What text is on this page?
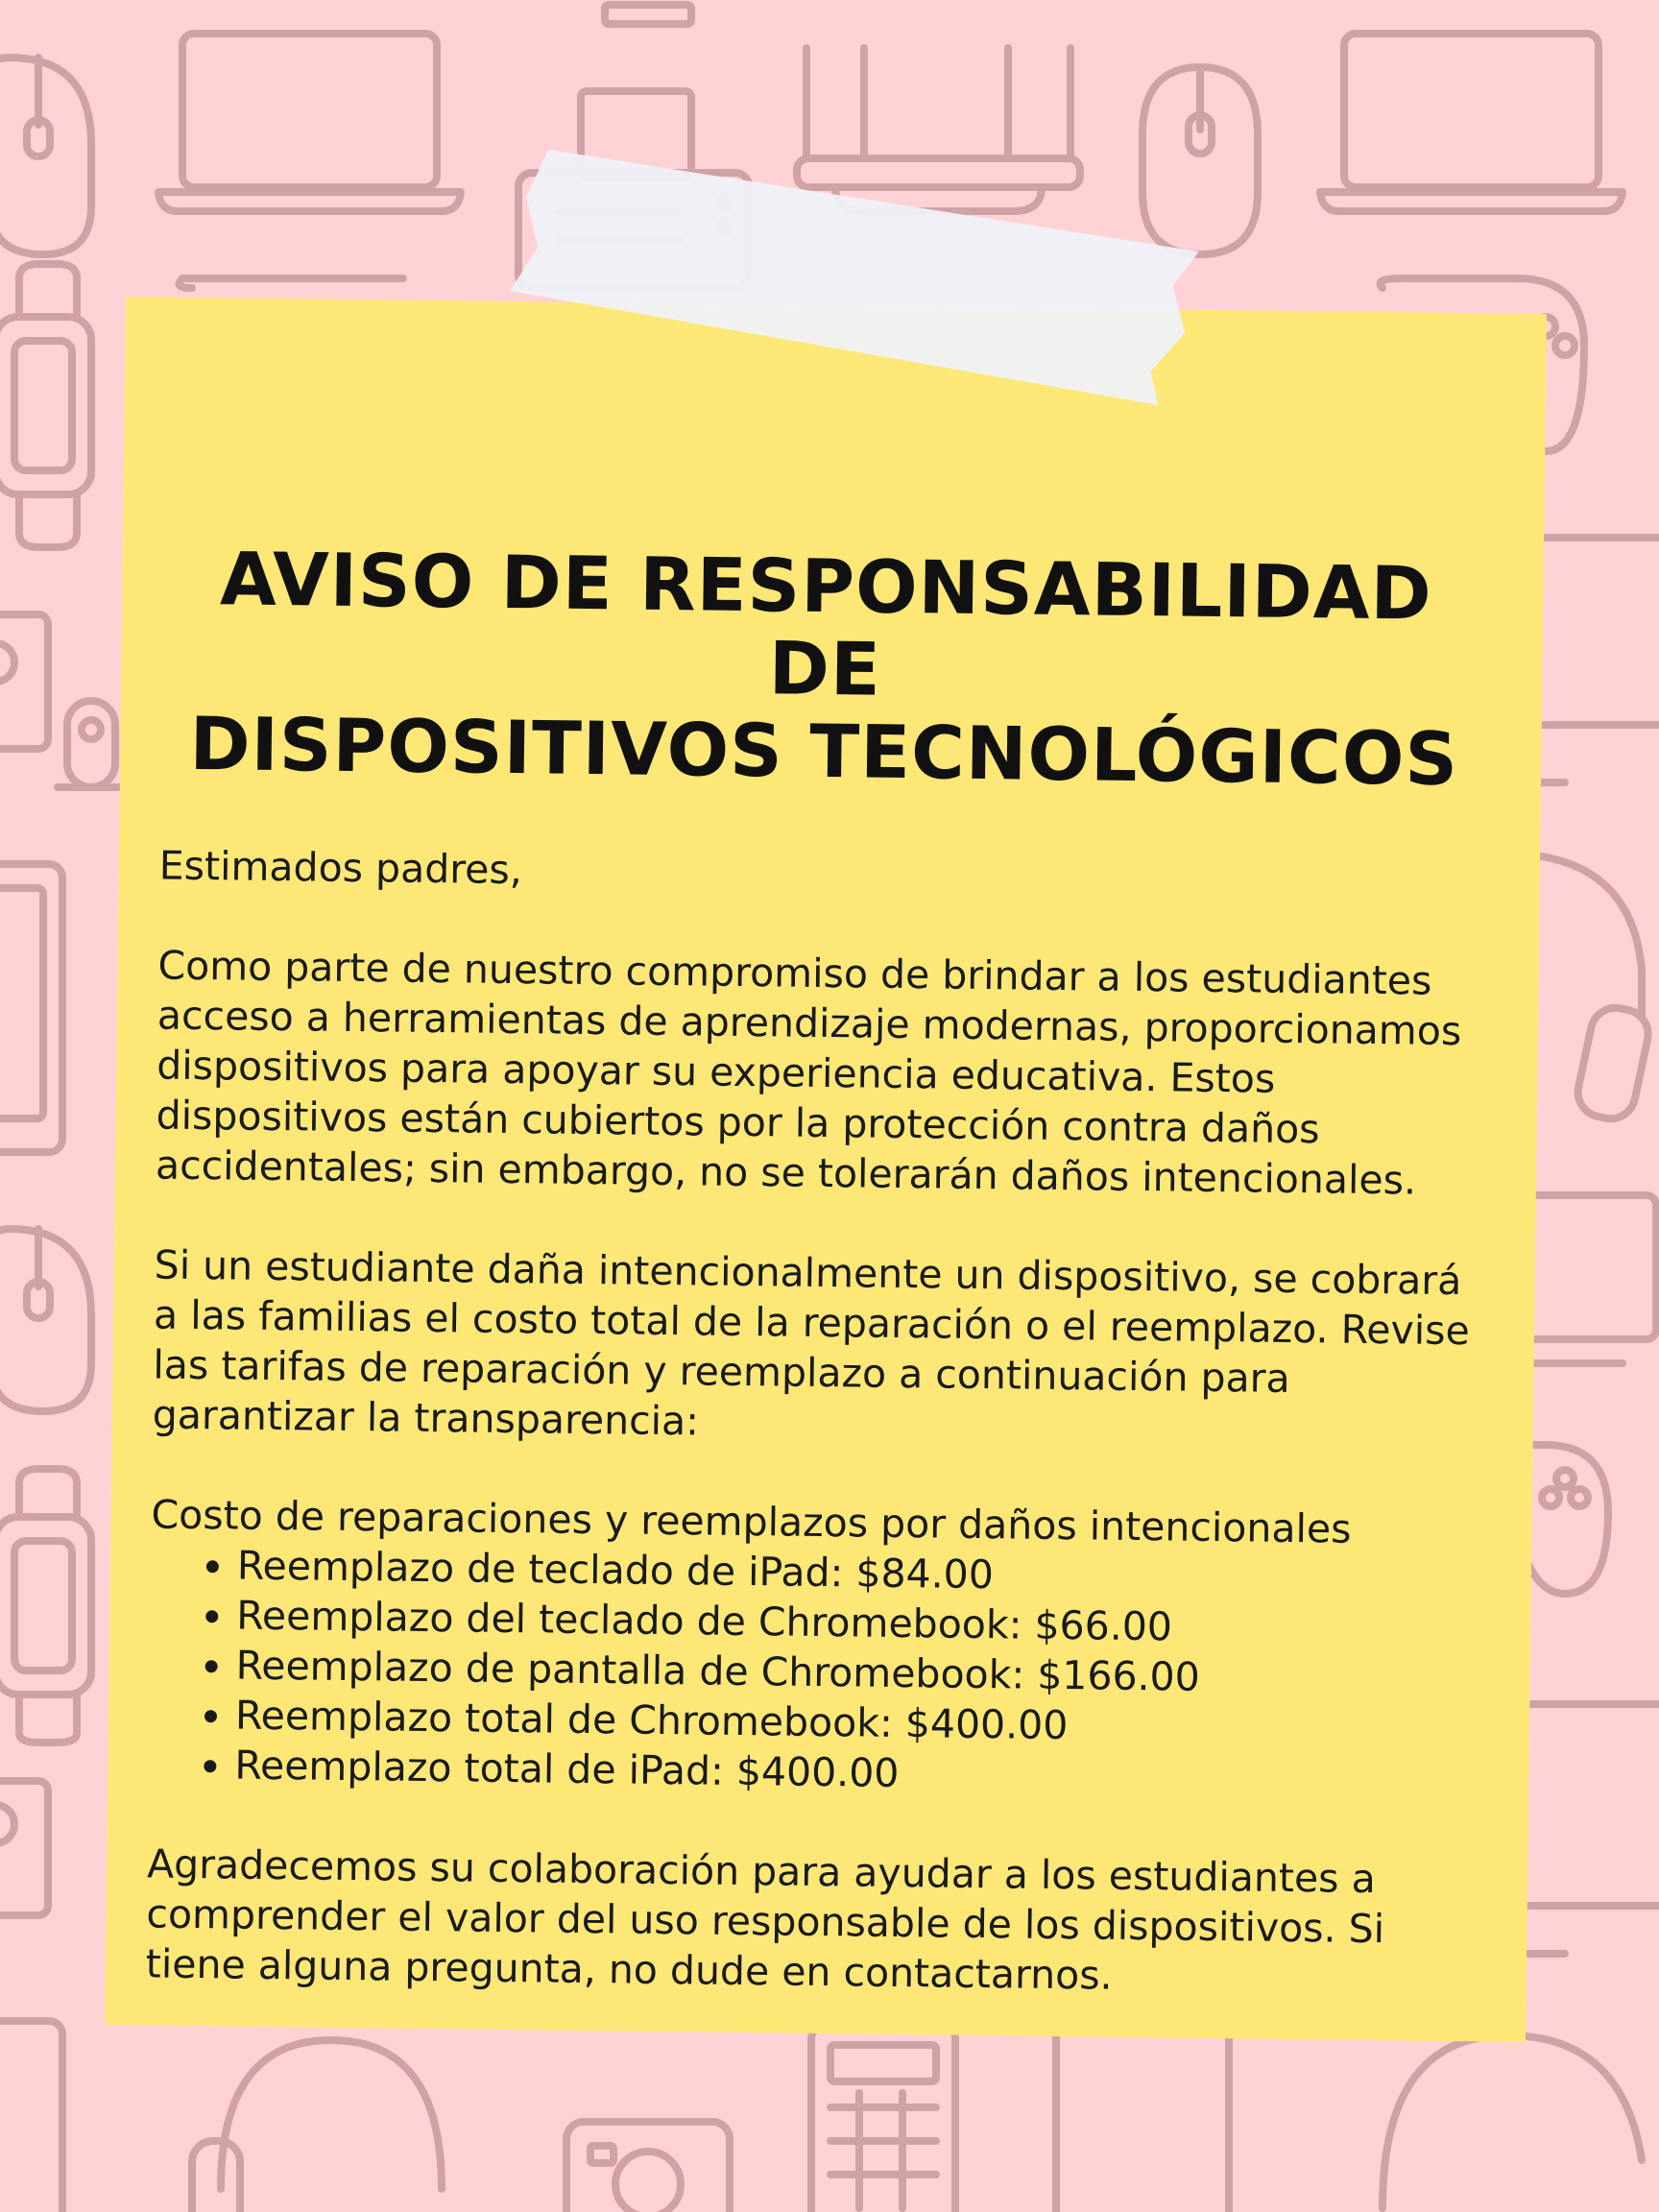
AVISO DE RESPONSABILIDAD DE
DISPOSITIVOS TECNOLÓGICOS

Estimados padres,

Como parte de nuestro compromiso de brindar a los estudiantes acceso a herramientas de aprendizaje modernas, proporcionamos dispositivos para apoyar su experiencia educativa. Estos dispositivos están cubiertos por la protección contra daños accidentales; sin embargo, no se tolerarán daños intencionales.

Si un estudiante daña intencionalmente un dispositivo, se cobrará a las familias el costo total de la reparación o el reemplazo. Revise las tarifas de reparación y reemplazo a continuación para garantizar la transparencia:

Costo de reparaciones y reemplazos por daños intencionales

• Reemplazo de teclado de iPad: $84.00
• Reemplazo del teclado de Chromebook: $66.00
• Reemplazo de pantalla de Chromebook: $166.00
• Reemplazo total de Chromebook: $400.00
• Reemplazo total de iPad: $400.00

Agradecemos su colaboración para ayudar a los estudiantes a comprender el valor del uso responsable de los dispositivos. Si tiene alguna pregunta, no dude en contactarnos.
